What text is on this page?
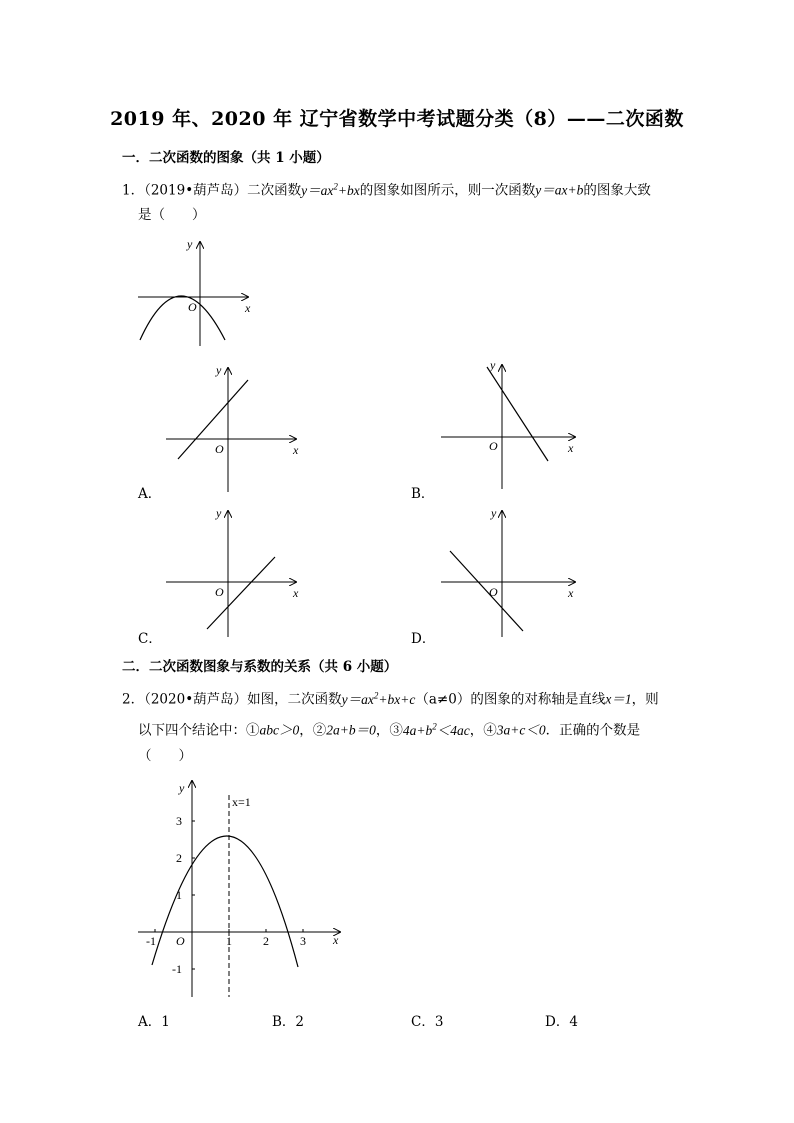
2019 年、2020 年 辽宁省数学中考试题分类（8）——二次函数
一．二次函数的图象（共 1 小题）
1．（2019•葫芦岛）二次函数$y=ax^2+bx$的图象如图所示，则一次函数y＝ax+b的图象大致
是（　　）
O	x
y
O	x
y
A．
O	x
y
B．
O	x
y
C．
O	x
y
D．
二．二次函数图象与系数的关系（共 6 小题）
2．（2020•葫芦岛）如图，二次函数$y=ax^2+bx+c(a\ne 0)$的图象的对称轴是直线x＝1，则
以下四个结论中：①abc＞0，②2a+b＝0，$③4a+b^2<4ac$，④3a+c＜0．正确的个数是
（　　）
x=1
y
x
O
-1	1	2	3
3
2
1
-1
A．1	B．2	C．3	D．4
